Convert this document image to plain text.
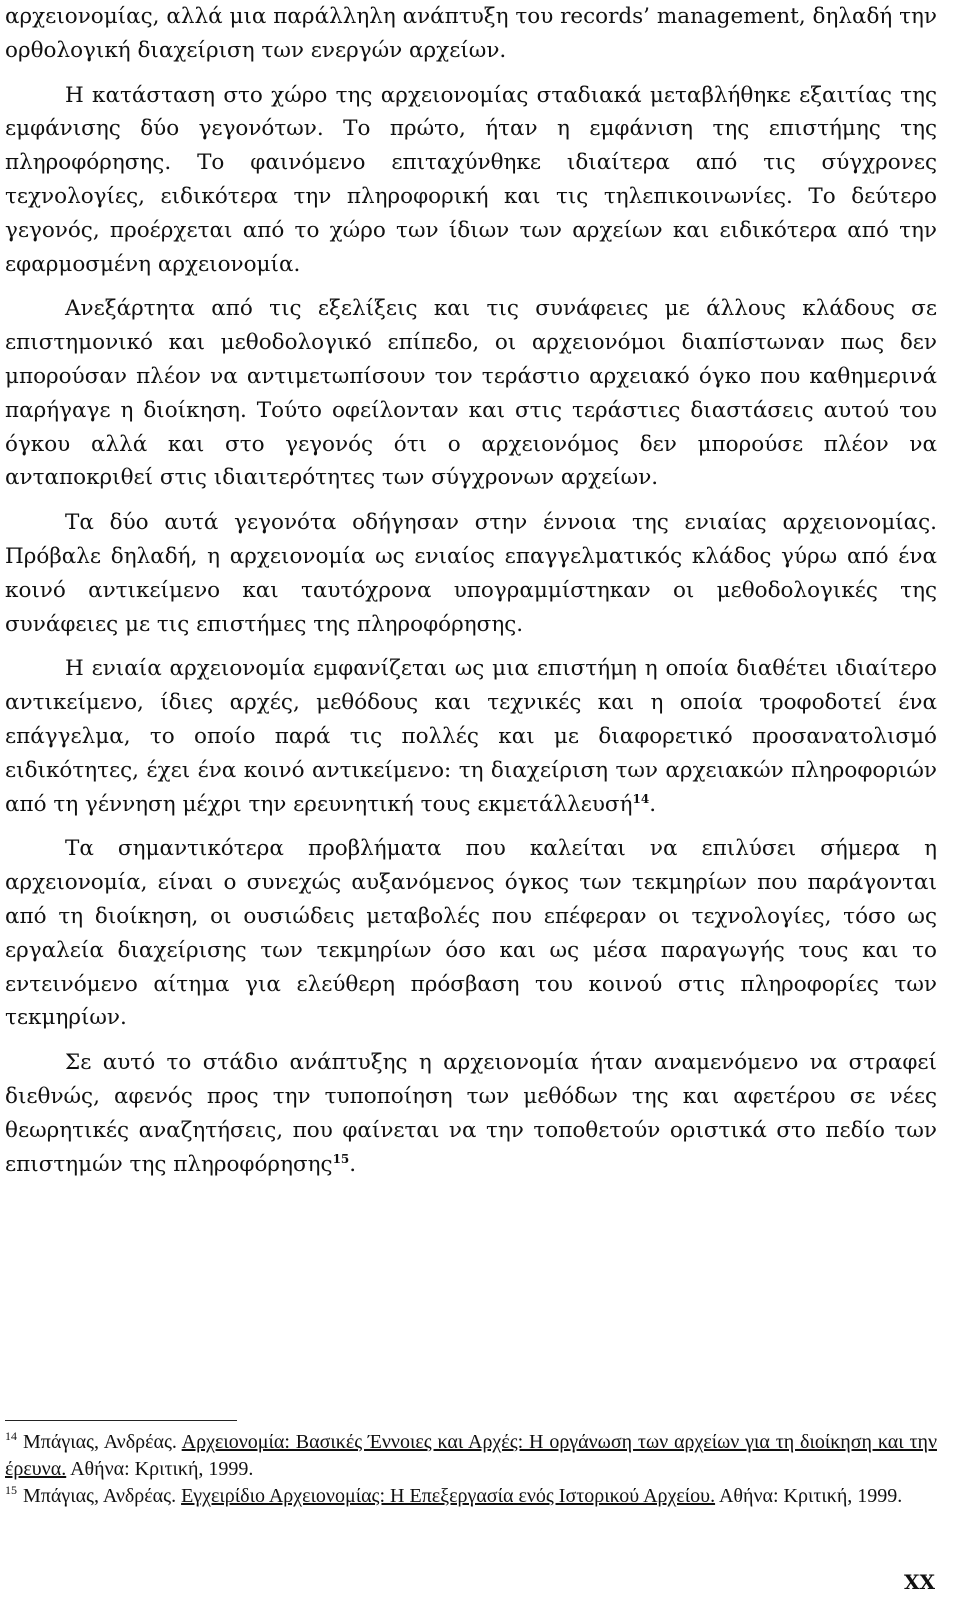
αρχειονομίας, αλλά μια παράλληλη ανάπτυξη του records’ management, δηλαδή την ορθολογική διαχείριση των ενεργών αρχείων.

Η κατάσταση στο χώρο της αρχειονομίας σταδιακά μεταβλήθηκε εξαιτίας της εμφάνισης δύο γεγονότων. Το πρώτο, ήταν η εμφάνιση της επιστήμης της πληροφόρησης. Το φαινόμενο επιταχύνθηκε ιδιαίτερα από τις σύγχρονες τεχνολογίες, ειδικότερα την πληροφορική και τις τηλεπικοινωνίες. Το δεύτερο γεγονός, προέρχεται από το χώρο των ίδιων των αρχείων και ειδικότερα από την εφαρμοσμένη αρχειονομία.

Ανεξάρτητα από τις εξελίξεις και τις συνάφειες με άλλους κλάδους σε επιστημονικό και μεθοδολογικό επίπεδο, οι αρχειονόμοι διαπίστωναν πως δεν μπορούσαν πλέον να αντιμετωπίσουν τον τεράστιο αρχειακό όγκο που καθημερινά παρήγαγε η διοίκηση. Τούτο οφείλονταν και στις τεράστιες διαστάσεις αυτού του όγκου αλλά και στο γεγονός ότι ο αρχειονόμος δεν μπορούσε πλέον να ανταποκριθεί στις ιδιαιτερότητες των σύγχρονων αρχείων.

Τα δύο αυτά γεγονότα οδήγησαν στην έννοια της ενιαίας αρχειονομίας. Πρόβαλε δηλαδή, η αρχειονομία ως ενιαίος επαγγελματικός κλάδος γύρω από ένα κοινό αντικείμενο και ταυτόχρονα υπογραμμίστηκαν οι μεθοδολογικές της συνάφειες με τις επιστήμες της πληροφόρησης.

Η ενιαία αρχειονομία εμφανίζεται ως μια επιστήμη η οποία διαθέτει ιδιαίτερο αντικείμενο, ίδιες αρχές, μεθόδους και τεχνικές και η οποία τροφοδοτεί ένα επάγγελμα, το οποίο παρά τις πολλές και με διαφορετικό προσανατολισμό ειδικότητες, έχει ένα κοινό αντικείμενο: τη διαχείριση των αρχειακών πληροφοριών από τη γέννηση μέχρι την ερευνητική τους εκμετάλλευσή$^{14}$.

Τα σημαντικότερα προβλήματα που καλείται να επιλύσει σήμερα η αρχειονομία, είναι ο συνεχώς αυξανόμενος όγκος των τεκμηρίων που παράγονται από τη διοίκηση, οι ουσιώδεις μεταβολές που επέφεραν οι τεχνολογίες, τόσο ως εργαλεία διαχείρισης των τεκμηρίων όσο και ως μέσα παραγωγής τους και το εντεινόμενο αίτημα για ελεύθερη πρόσβαση του κοινού στις πληροφορίες των τεκμηρίων.

Σε αυτό το στάδιο ανάπτυξης η αρχειονομία ήταν αναμενόμενο να στραφεί διεθνώς, αφενός προς την τυποποίηση των μεθόδων της και αφετέρου σε νέες θεωρητικές αναζητήσεις, που φαίνεται να την τοποθετούν οριστικά στο πεδίο των επιστημών της πληροφόρησης$^{15}$.

$^{14}$ Μπάγιας, Ανδρέας. Αρχειονομία: Βασικές Έννοιες και Αρχές: Η οργάνωση των αρχείων για τη διοίκηση και την έρευνα. Αθήνα: Κριτική, 1999.

$^{15}$ Μπάγιας, Ανδρέας. Εγχειρίδιο Αρχειονομίας: Η Επεξεργασία ενός Ιστορικού Αρχείου. Αθήνα: Κριτική, 1999.

XX
